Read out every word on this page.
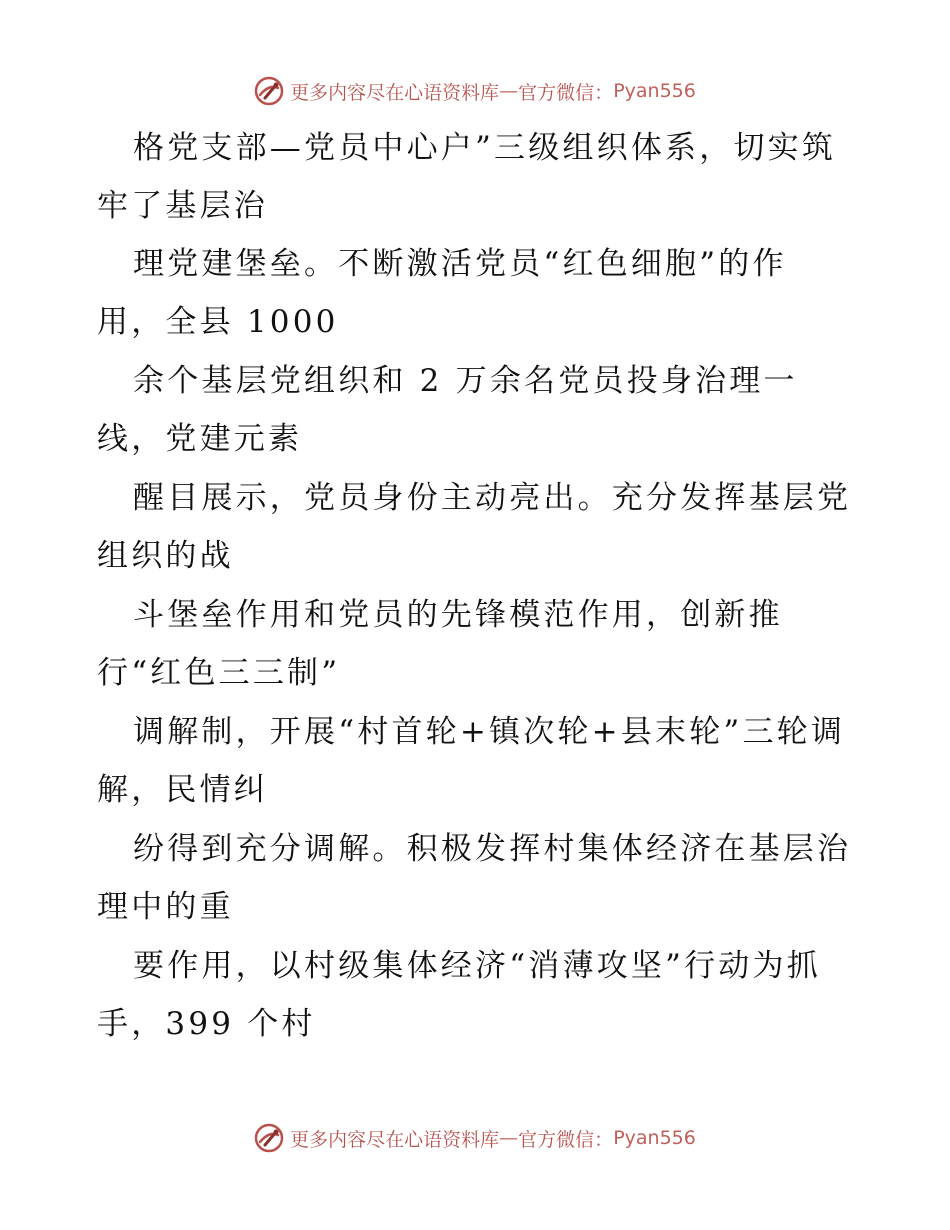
更多内容尽在心语资料库 — 官方微信： Pyan556
格党支部—党员中心户”三级组织体系，切实筑
牢了基层治
理党建堡垒。不断激活党员“红色细胞”的作
用，全县 1000
余个基层党组织和 2 万余名党员投身治理一
线，党建元素
醒目展示，党员身份主动亮出。充分发挥基层党
组织的战
斗堡垒作用和党员的先锋模范作用，创新推
行“红色三三制”
调解制，开展“村首轮+镇次轮+县末轮”三轮调
解，民情纠
纷得到充分调解。积极发挥村集体经济在基层治
理中的重
要作用，以村级集体经济“消薄攻坚”行动为抓
手，399 个村
更多内容尽在心语资料库 — 官方微信： Pyan556
